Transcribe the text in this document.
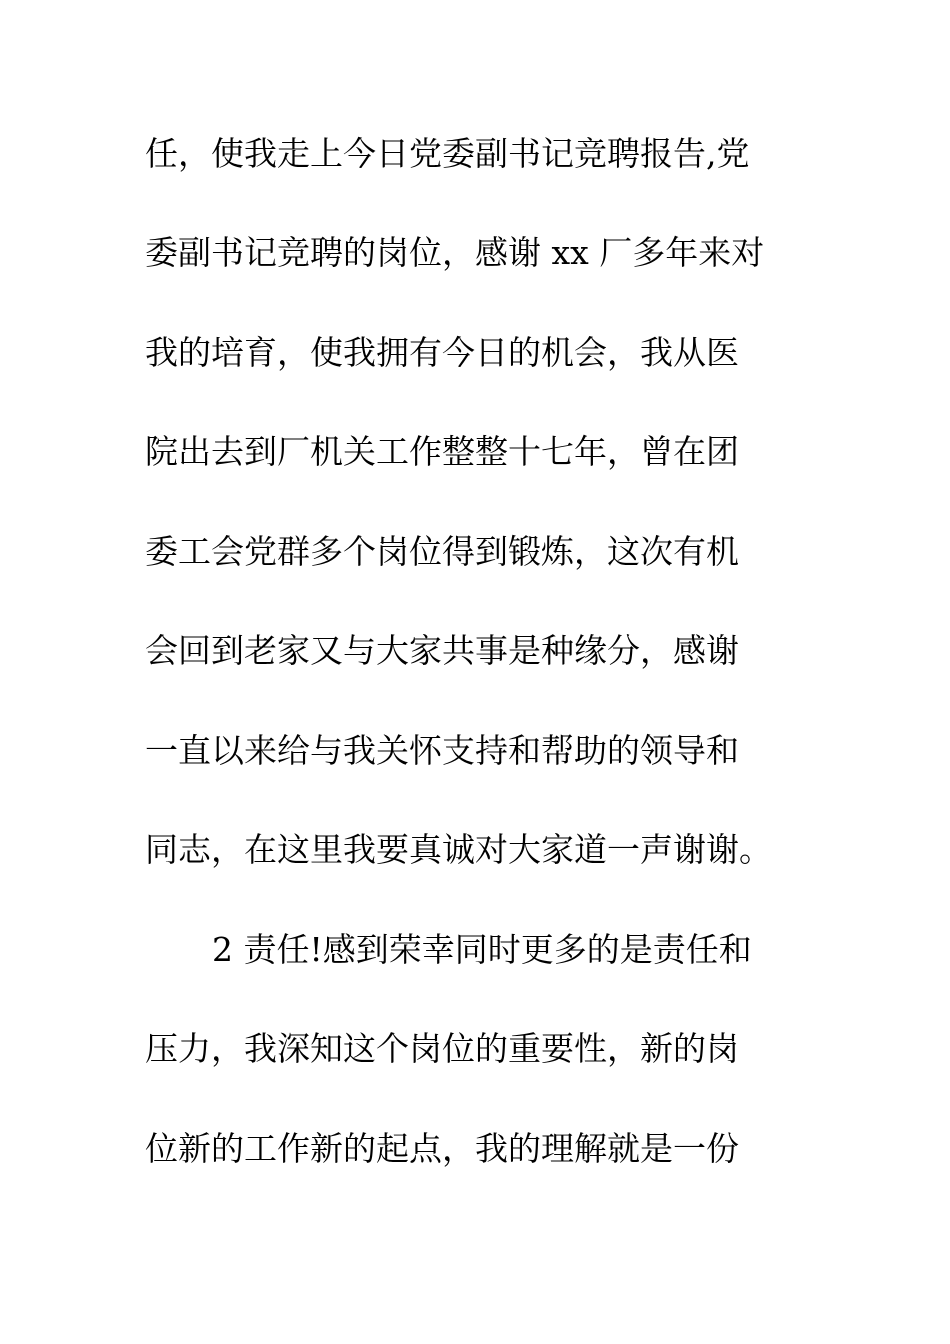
任，使我走上今日党委副书记竞聘报告,党
委副书记竞聘的岗位，感谢 xx 厂多年来对
我的培育，使我拥有今日的机会，我从医
院出去到厂机关工作整整十七年，曾在团
委工会党群多个岗位得到锻炼，这次有机
会回到老家又与大家共事是种缘分，感谢
一直以来给与我关怀支持和帮助的领导和
同志，在这里我要真诚对大家道一声谢谢。
2 责任!感到荣幸同时更多的是责任和
压力，我深知这个岗位的重要性，新的岗
位新的工作新的起点，我的理解就是一份
